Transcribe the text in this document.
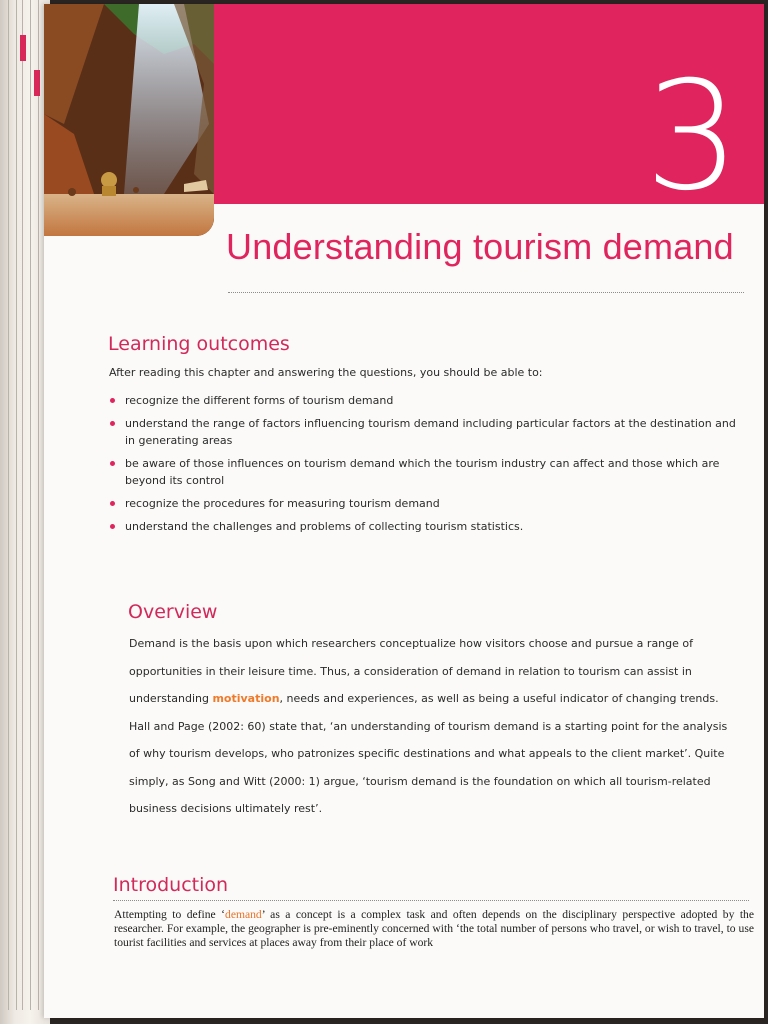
3
Understanding tourism demand
Learning outcomes
After reading this chapter and answering the questions, you should be able to:
recognize the different forms of tourism demand
understand the range of factors influencing tourism demand including particular factors at the destination and in generating areas
be aware of those influences on tourism demand which the tourism industry can affect and those which are beyond its control
recognize the procedures for measuring tourism demand
understand the challenges and problems of collecting tourism statistics.
Overview

Demand is the basis upon which researchers conceptualize how visitors choose and pursue a range of opportunities in their leisure time. Thus, a consideration of demand in relation to tourism can assist in understanding motivation, needs and experiences, as well as being a useful indicator of changing trends. Hall and Page (2002: 60) state that, ‘an understanding of tourism demand is a starting point for the analysis of why tourism develops, who patronizes specific destinations and what appeals to the client market’. Quite simply, as Song and Witt (2000: 1) argue, ‘tourism demand is the foundation on which all tourism-related business decisions ultimately rest’.

Introduction

Attempting to define ‘demand’ as a concept is a complex task and often depends on the disciplinary perspective adopted by the researcher. For example, the geographer is pre-eminently concerned with ‘the total number of persons who travel, or wish to travel, to use tourist facilities and services at places away from their place of work
